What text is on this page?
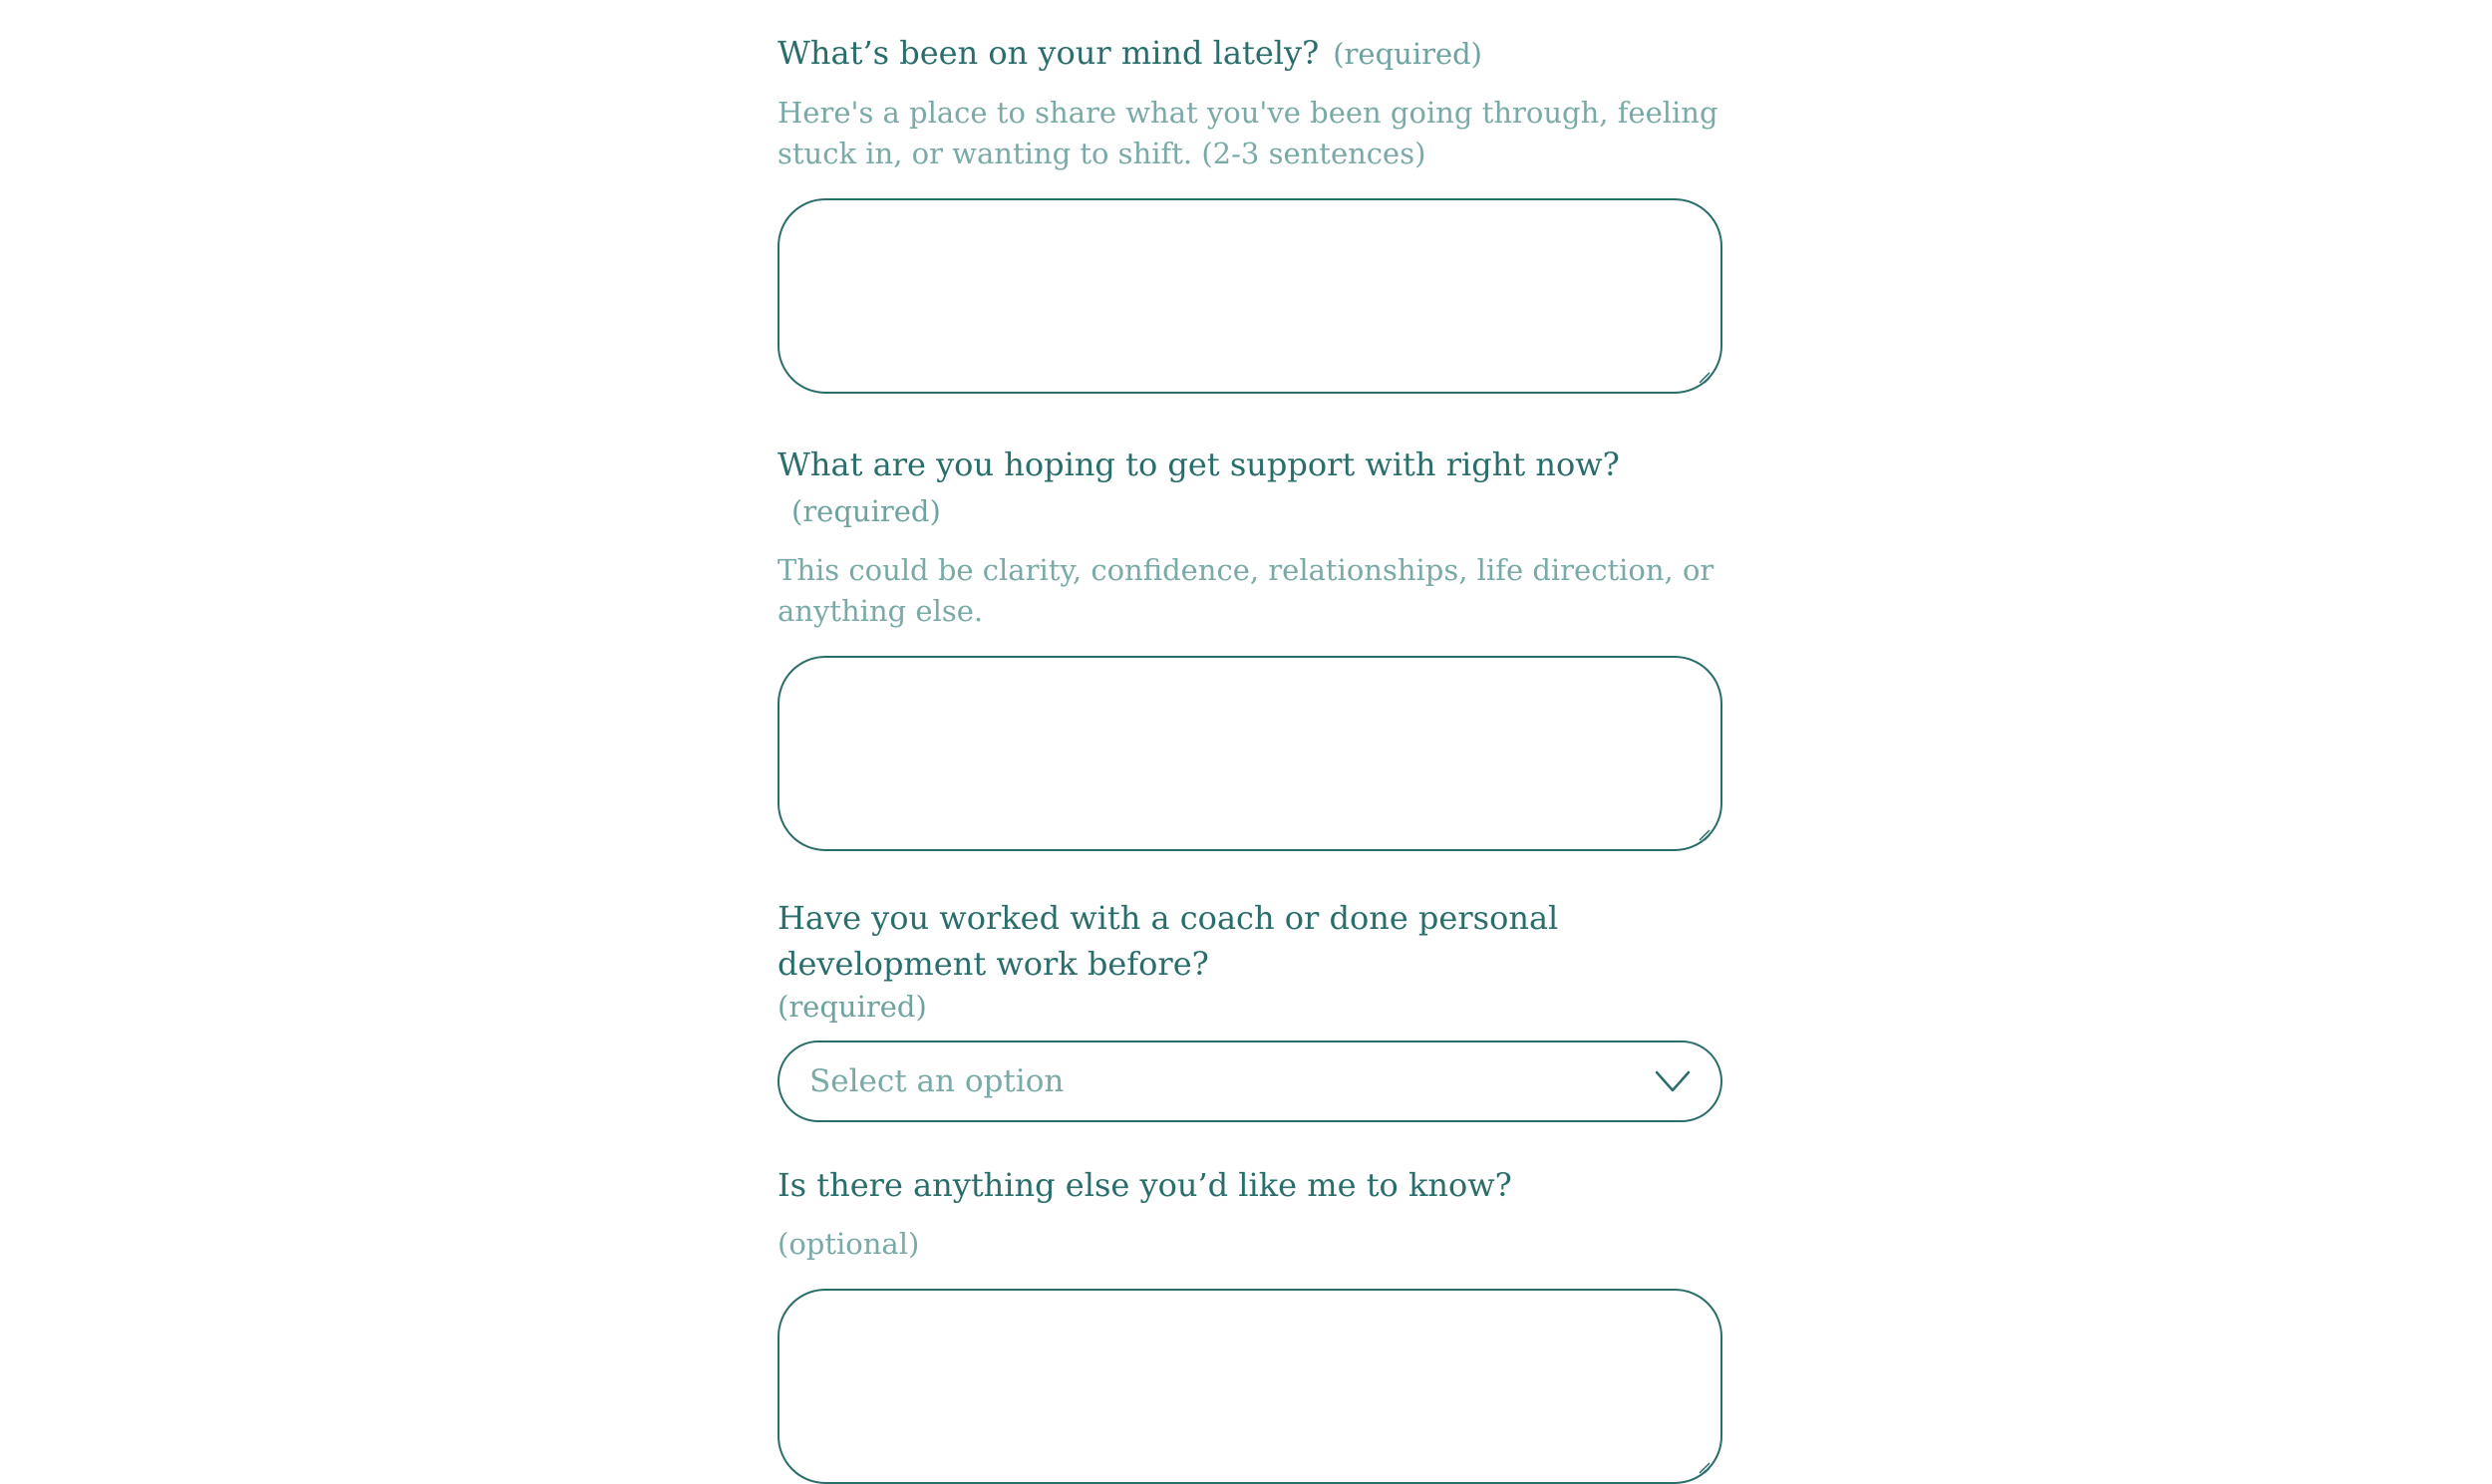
What’s been on your mind lately? (required)
Here's a place to share what you've been going through, feeling stuck in, or wanting to shift. (2-3 sentences)
What are you hoping to get support with right now?(required)
This could be clarity, confidence, relationships, life direction, or anything else.
Have you worked with a coach or done personal development work before?
(required)
Select an option
Is there anything else you’d like me to know?
(optional)
